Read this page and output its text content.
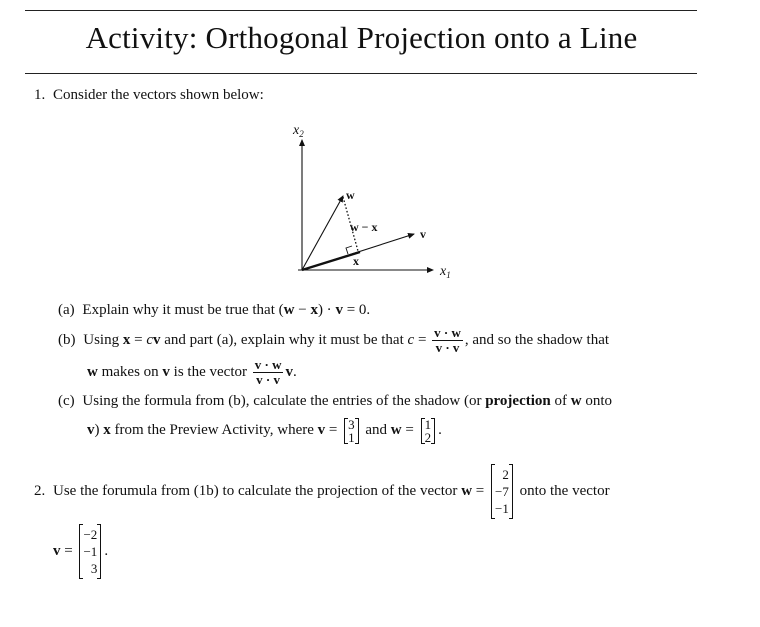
Activity: Orthogonal Projection onto a Line
1. Consider the vectors shown below:
$x_2$
$x_1$
w
v
x
w − x
(a) Explain why it must be true that (w − x) · v = 0.
(b) Using x = cv and part (a), explain why it must be that $c = \frac{v \cdot w}{v \cdot v}$ , and so the shadow that
w makes on v is the vector $\frac{v \cdot w}{v \cdot v} v$.
(c) Using the formula from (b), calculate the entries of the shadow (or projection of w onto
v) x from the Preview Activity, where v = 3
1 and w = 1
2 .
2. Use the forumula from (1b) to calculate the projection of the vector w =
2
−7
−1
onto the vector
v =
−2
−1
3
.
